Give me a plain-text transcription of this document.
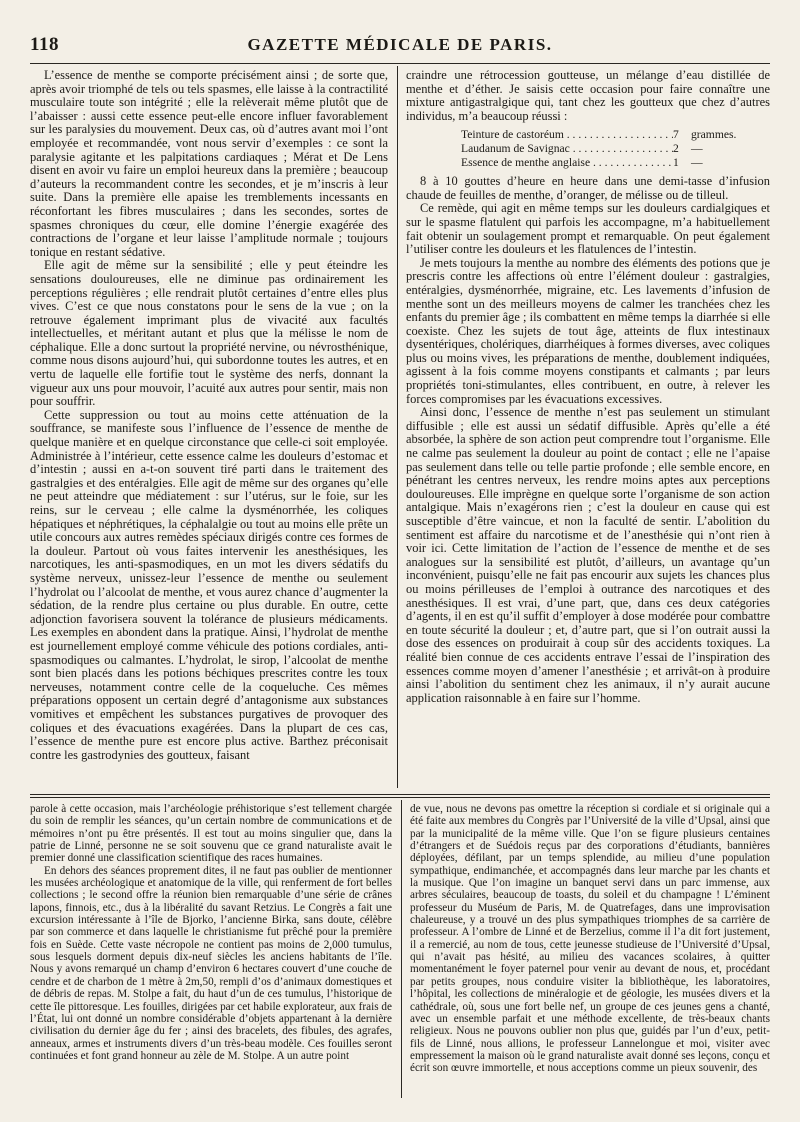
118	GAZETTE MÉDICALE DE PARIS.

L’essence de menthe se comporte précisément ainsi ; de sorte que, après avoir triomphé de tels ou tels spasmes, elle laisse à la contractilité musculaire toute son intégrité ; elle la relèverait même plutôt que de l’abaisser : aussi cette essence peut-elle encore influer favorablement sur les paralysies du mouvement. Deux cas, où d’autres avant moi l’ont employée et recommandée, vont nous servir d’exemples : ce sont la paralysie agitante et les palpitations cardiaques ; Mérat et De Lens disent en avoir vu faire un emploi heureux dans la première ; beaucoup d’auteurs la recommandent contre les secondes, et je m’inscris à leur suite. Dans la première elle apaise les tremblements incessants en réconfortant les fibres musculaires ; dans les secondes, sortes de spasmes chroniques du cœur, elle domine l’énergie exagérée des contractions de l’organe et leur laisse l’amplitude normale ; toujours tonique en restant sédative.

Elle agit de même sur la sensibilité ; elle y peut éteindre les sensations douloureuses, elle ne diminue pas ordinairement les perceptions régulières ; elle rendrait plutôt certaines d’entre elles plus vives. C’est ce que nous constatons pour le sens de la vue ; on la retrouve également imprimant plus de vivacité aux facultés intellectuelles, et méritant autant et plus que la mélisse le nom de céphalique. Elle a donc surtout la propriété nervine, ou névrosthénique, comme nous disons aujourd’hui, qui subordonne toutes les autres, et en vertu de laquelle elle fortifie tout le système des nerfs, donnant la vigueur aux uns pour mouvoir, l’acuité aux autres pour sentir, mais non pour souffrir.

Cette suppression ou tout au moins cette atténuation de la souffrance, se manifeste sous l’influence de l’essence de menthe de quelque manière et en quelque circonstance que celle-ci soit employée. Administrée à l’intérieur, cette essence calme les douleurs d’estomac et d’intestin ; aussi en a-t-on souvent tiré parti dans le traitement des gastralgies et des entéralgies. Elle agit de même sur des organes qu’elle ne peut atteindre que médiatement : sur l’utérus, sur le foie, sur les reins, sur le cerveau ; elle calme la dysménorrhée, les coliques hépatiques et néphrétiques, la céphalalgie ou tout au moins elle prête un utile concours aux autres remèdes spéciaux dirigés contre ces formes de la douleur. Partout où vous faites intervenir les anesthésiques, les narcotiques, les anti-spasmodiques, en un mot les divers sédatifs du système nerveux, unissez-leur l’essence de menthe ou seulement l’hydrolat ou l’alcoolat de menthe, et vous aurez chance d’augmenter la sédation, de la rendre plus certaine ou plus durable. En outre, cette adjonction favorisera souvent la tolérance de plusieurs médicaments. Les exemples en abondent dans la pratique. Ainsi, l’hydrolat de menthe est journellement employé comme véhicule des potions cordiales, anti-spasmodiques ou calmantes. L’hydrolat, le sirop, l’alcoolat de menthe sont bien placés dans les potions béchiques prescrites contre les toux nerveuses, notamment contre celle de la coqueluche. Ces mêmes préparations opposent un certain degré d’antagonisme aux substances vomitives et empêchent les substances purgatives de provoquer des coliques et des évacuations exagérées. Dans la plupart de ces cas, l’essence de menthe pure est encore plus active. Barthez préconisait contre les gastrodynies des goutteux, faisant

craindre une rétrocession goutteuse, un mélange d’eau distillée de menthe et d’éther. Je saisis cette occasion pour faire connaître une mixture antigastralgique qui, tant chez les goutteux que chez d’autres individus, m’a beaucoup réussi :

Teinture de castoréum . . .	7	grammes.
Laudanum de Savignac . . .	2	—
Essence de menthe anglaise . . .	1	—

8 à 10 gouttes d’heure en heure dans une demi-tasse d’infusion chaude de feuilles de menthe, d’oranger, de mélisse ou de tilleul.

Ce remède, qui agit en même temps sur les douleurs cardialgiques et sur le spasme flatulent qui parfois les accompagne, m’a habituellement fait obtenir un soulagement prompt et remarquable. On peut également l’utiliser contre les douleurs et les flatulences de l’intestin.

Je mets toujours la menthe au nombre des éléments des potions que je prescris contre les affections où entre l’élément douleur : gastralgies, entéralgies, dysménorrhée, migraine, etc. Les lavements d’infusion de menthe sont un des meilleurs moyens de calmer les tranchées chez les enfants du premier âge ; ils combattent en même temps la diarrhée si elle coexiste. Chez les sujets de tout âge, atteints de flux intestinaux dysentériques, cholériques, diarrhéiques à formes diverses, avec coliques plus ou moins vives, les préparations de menthe, doublement indiquées, agissent à la fois comme moyens constipants et calmants ; par leurs propriétés toni-stimulantes, elles contribuent, en outre, à relever les forces compromises par les évacuations excessives.

Ainsi donc, l’essence de menthe n’est pas seulement un stimulant diffusible ; elle est aussi un sédatif diffusible. Après qu’elle a été absorbée, la sphère de son action peut comprendre tout l’organisme. Elle ne calme pas seulement la douleur au point de contact ; elle ne l’apaise pas seulement dans telle ou telle partie profonde ; elle semble encore, en pénétrant les centres nerveux, les rendre moins aptes aux perceptions douloureuses. Elle imprègne en quelque sorte l’organisme de son action antalgique. Mais n’exagérons rien ; c’est la douleur en cause qui est susceptible d’être vaincue, et non la faculté de sentir. L’abolition du sentiment est affaire du narcotisme et de l’anesthésie qui n’ont rien à voir ici. Cette limitation de l’action de l’essence de menthe et de ses analogues sur la sensibilité est plutôt, d’ailleurs, un avantage qu’un inconvénient, puisqu’elle ne fait pas encourir aux sujets les chances plus ou moins périlleuses de l’emploi à outrance des narcotiques et des anesthésiques. Il est vrai, d’une part, que, dans ces deux catégories d’agents, il en est qu’il suffit d’employer à dose modérée pour combattre en toute sécurité la douleur ; et, d’autre part, que si l’on outrait aussi la dose des essences on produirait à coup sûr des accidents toxiques. La réalité bien connue de ces accidents entrave l’essai de l’inspiration des essences comme moyen d’amener l’anesthésie ; et arrivât-on à produire ainsi l’abolition du sentiment chez les animaux, il n’y aurait aucune application raisonnable à en faire sur l’homme.

parole à cette occasion, mais l’archéologie préhistorique s’est tellement chargée du soin de remplir les séances, qu’un certain nombre de communications et de mémoires n’ont pu être présentés. Il est tout au moins singulier que, dans la patrie de Linné, personne ne se soit souvenu que ce grand naturaliste avait le premier donné une classification scientifique des races humaines.

En dehors des séances proprement dites, il ne faut pas oublier de mentionner les musées archéologique et anatomique de la ville, qui renferment de fort belles collections ; le second offre la réunion bien remarquable d’une série de crânes lapons, finnois, etc., dus à la libéralité du savant Retzius. Le Congrès a fait une excursion intéressante à l’île de Bjorko, l’ancienne Birka, sans doute, célèbre par son commerce et dans laquelle le christianisme fut prêché pour la première fois en Suède. Cette vaste nécropole ne contient pas moins de 2,000 tumulus, sous lesquels dorment depuis dix-neuf siècles les anciens habitants de l’île. Nous y avons remarqué un champ d’environ 6 hectares couvert d’une couche de cendre et de charbon de 1 mètre à 2m,50, rempli d’os d’animaux domestiques et de débris de repas. M. Stolpe a fait, du haut d’un de ces tumulus, l’historique de cette île pittoresque. Les fouilles, dirigées par cet habile explorateur, aux frais de l’État, lui ont donné un nombre considérable d’objets appartenant à la dernière civilisation du dernier âge du fer ; ainsi des bracelets, des fibules, des agrafes, anneaux, armes et instruments divers d’un très-beau modèle. Ces fouilles seront continuées et font grand honneur au zèle de M. Stolpe. A un autre point

de vue, nous ne devons pas omettre la réception si cordiale et si originale qui a été faite aux membres du Congrès par l’Université de la ville d’Upsal, ainsi que par la municipalité de la même ville. Que l’on se figure plusieurs centaines d’étrangers et de Suédois reçus par des corporations d’étudiants, bannières déployées, défilant, par un temps splendide, au milieu d’une population sympathique, endimanchée, et accompagnés dans leur marche par les chants et la musique. Que l’on imagine un banquet servi dans un parc immense, aux arbres séculaires, beaucoup de toasts, du soleil et du champagne ! L’éminent professeur du Muséum de Paris, M. de Quatrefages, dans une improvisation chaleureuse, y a trouvé un des plus sympathiques triomphes de sa carrière de professeur. A l’ombre de Linné et de Berzelius, comme il l’a dit fort justement, il a remercié, au nom de tous, cette jeunesse studieuse de l’Université d’Upsal, qui n’avait pas hésité, au milieu des vacances scolaires, à quitter momentanément le foyer paternel pour venir au devant de nous, et, procédant par petits groupes, nous conduire visiter la bibliothèque, les laboratoires, l’hôpital, les collections de minéralogie et de géologie, les musées divers et la cathédrale, où, sous une fort belle nef, un groupe de ces jeunes gens a chanté, avec un ensemble parfait et une méthode excellente, de très-beaux chants religieux. Nous ne pouvons oublier non plus que, guidés par l’un d’eux, petit-fils de Linné, nous allions, le professeur Lannelongue et moi, visiter avec empressement la maison où le grand naturaliste avait donné ses leçons, conçu et écrit son œuvre immortelle, et nous acceptions comme un pieux souvenir, des
